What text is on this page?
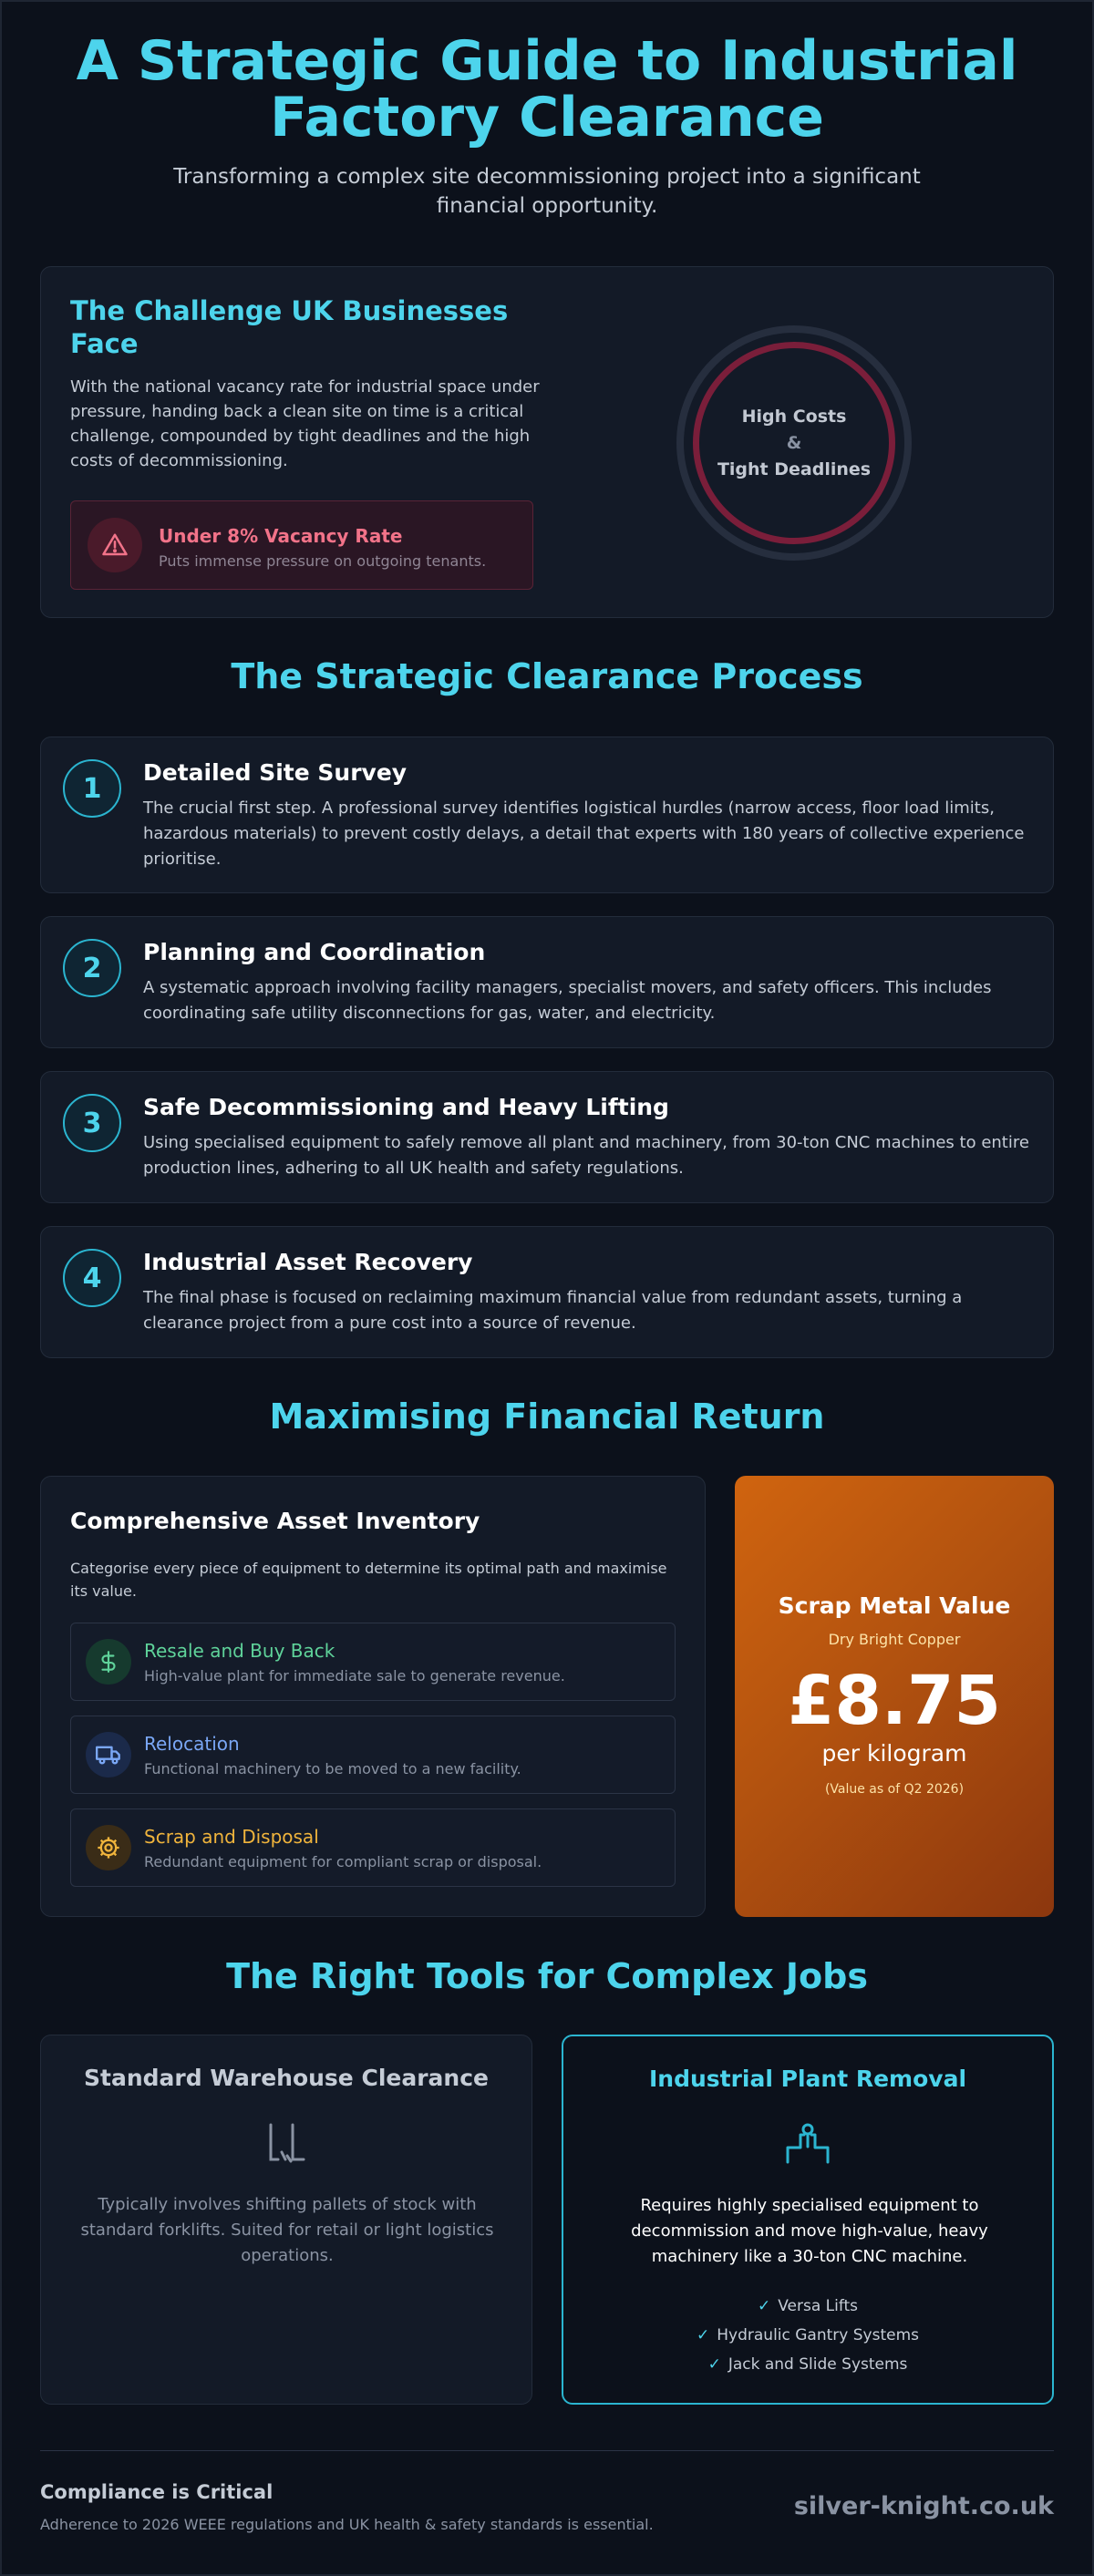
A Strategic Guide to Industrial Factory Clearance

Transforming a complex site decommissioning project into a significant financial opportunity.

The Challenge UK Businesses Face

With the national vacancy rate for industrial space under pressure, handing back a clean site on time is a critical challenge, compounded by tight deadlines and the high costs of decommissioning.

Under 8% Vacancy Rate
Puts immense pressure on outgoing tenants.
High Costs
&
Tight Deadlines
The Strategic Clearance Process
1	Detailed Site Survey

The crucial first step. A professional survey identifies logistical hurdles (narrow access, floor load limits, hazardous materials) to prevent costly delays, a detail that experts with 180 years of collective experience prioritise.

2	Planning and Coordination

A systematic approach involving facility managers, specialist movers, and safety officers. This includes coordinating safe utility disconnections for gas, water, and electricity.

3	Safe Decommissioning and Heavy Lifting

Using specialised equipment to safely remove all plant and machinery, from 30-ton CNC machines to entire production lines, adhering to all UK health and safety regulations.

4	Industrial Asset Recovery

The final phase is focused on reclaiming maximum financial value from redundant assets, turning a clearance project from a pure cost into a source of revenue.

Maximising Financial Return
Comprehensive Asset Inventory

Categorise every piece of equipment to determine its optimal path and maximise its value.

Resale and Buy Back
High-value plant for immediate sale to generate revenue.
Relocation
Functional machinery to be moved to a new facility.
Scrap and Disposal
Redundant equipment for compliant scrap or disposal.
Scrap Metal Value
Dry Bright Copper
£8.75
per kilogram
(Value as of Q2 2026)
The Right Tools for Complex Jobs
Standard Warehouse Clearance

Typically involves shifting pallets of stock with standard forklifts. Suited for retail or light logistics operations.

Industrial Plant Removal

Requires highly specialised equipment to decommission and move high-value, heavy machinery like a 30-ton CNC machine.

✓ Versa Lifts
✓ Hydraulic Gantry Systems
✓ Jack and Slide Systems
Compliance is Critical
Adherence to 2026 WEEE regulations and UK health & safety standards is essential.
silver-knight.co.uk
